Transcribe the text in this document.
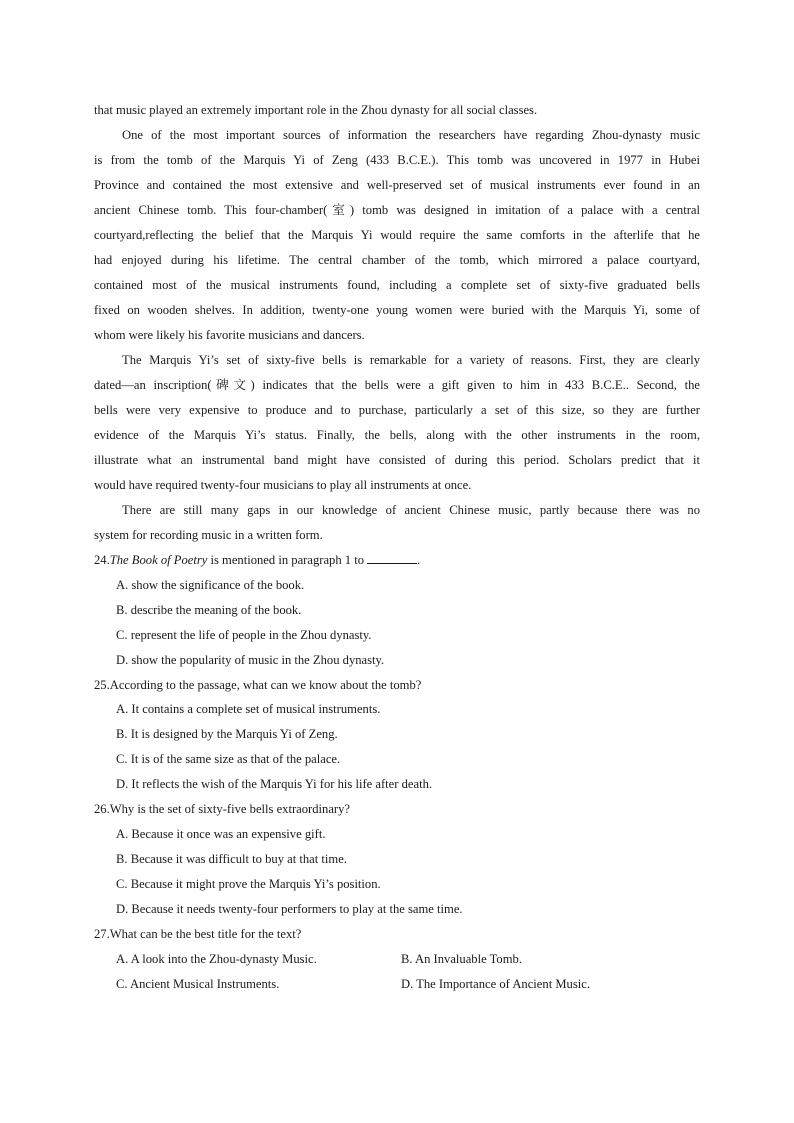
that music played an extremely important role in the Zhou dynasty for all social classes.
One of the most important sources of information the researchers have regarding Zhou-dynasty music
is from the tomb of the Marquis Yi of Zeng (433 B.C.E.). This tomb was uncovered in 1977 in Hubei
Province and contained the most extensive and well-preserved set of musical instruments ever found in an
ancient Chinese tomb. This four-chamber(室) tomb was designed in imitation of a palace with a central
courtyard,reflecting the belief that the Marquis Yi would require the same comforts in the afterlife that he
had enjoyed during his lifetime. The central chamber of the tomb, which mirrored a palace courtyard,
contained most of the musical instruments found, including a complete set of sixty-five graduated bells
fixed on wooden shelves. In addition, twenty-one young women were buried with the Marquis Yi, some of
whom were likely his favorite musicians and dancers.
The Marquis Yi’s set of sixty-five bells is remarkable for a variety of reasons. First, they are clearly
dated—an inscription(碑文) indicates that the bells were a gift given to him in 433 B.C.E.. Second, the
bells were very expensive to produce and to purchase, particularly a set of this size, so they are further
evidence of the Marquis Yi’s status. Finally, the bells, along with the other instruments in the room,
illustrate what an instrumental band might have consisted of during this period. Scholars predict that it
would have required twenty-four musicians to play all instruments at once.
There are still many gaps in our knowledge of ancient Chinese music, partly because there was no
system for recording music in a written form.
24.The Book of Poetry is mentioned in paragraph 1 to	.
A. show the significance of the book.
B. describe the meaning of the book.
C. represent the life of people in the Zhou dynasty.
D. show the popularity of music in the Zhou dynasty.
25.According to the passage, what can we know about the tomb?
A. It contains a complete set of musical instruments.
B. It is designed by the Marquis Yi of Zeng.
C. It is of the same size as that of the palace.
D. It reflects the wish of the Marquis Yi for his life after death.
26.Why is the set of sixty-five bells extraordinary?
A. Because it once was an expensive gift.
B. Because it was difficult to buy at that time.
C. Because it might prove the Marquis Yi’s position.
D. Because it needs twenty-four performers to play at the same time.
27.What can be the best title for the text?
A. A look into the Zhou-dynasty Music.	B. An Invaluable Tomb.
C. Ancient Musical Instruments.	D. The Importance of Ancient Music.
